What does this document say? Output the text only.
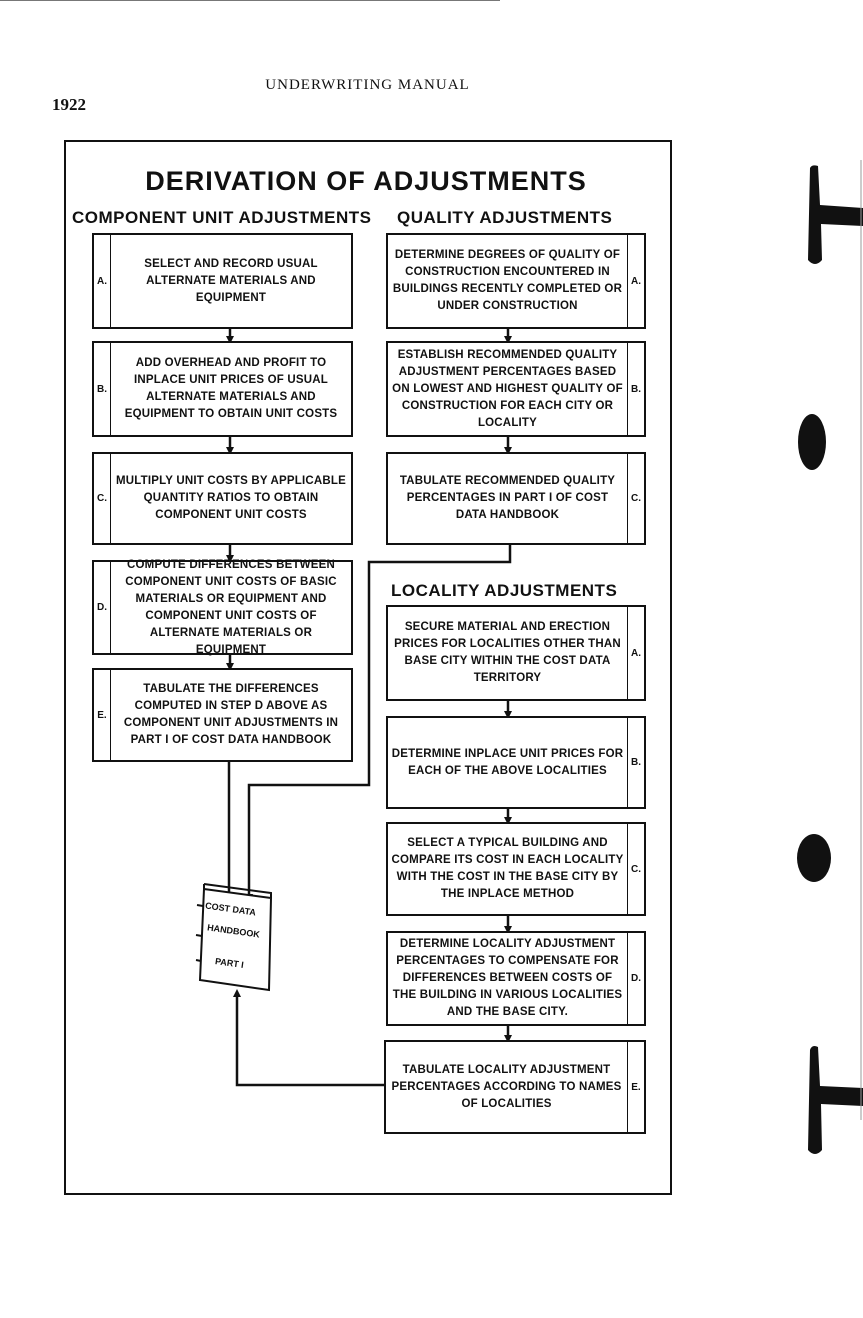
UNDERWRITING MANUAL
1922
DERIVATION OF ADJUSTMENTS
COMPONENT UNIT ADJUSTMENTS QUALITY ADJUSTMENTS
LOCALITY ADJUSTMENTS
COST DATA
HANDBOOK
PART I
A.
SELECT AND RECORD USUAL ALTERNATE MATERIALS AND EQUIPMENT
B.
ADD OVERHEAD AND PROFIT TO INPLACE UNIT PRICES OF USUAL ALTERNATE MATERIALS AND EQUIPMENT TO OBTAIN UNIT COSTS
C.
MULTIPLY UNIT COSTS BY APPLICABLE QUANTITY RATIOS TO OBTAIN COMPONENT UNIT COSTS
D.
COMPUTE DIFFERENCES BETWEEN COMPONENT UNIT COSTS OF BASIC MATERIALS OR EQUIPMENT AND COMPONENT UNIT COSTS OF ALTERNATE MATERIALS OR EQUIPMENT
E.
TABULATE THE DIFFERENCES COMPUTED IN STEP D ABOVE AS COMPONENT UNIT ADJUSTMENTS IN PART I OF COST DATA HANDBOOK
DETERMINE DEGREES OF QUALITY OF CONSTRUCTION ENCOUNTERED IN BUILDINGS RECENTLY COMPLETED OR UNDER CONSTRUCTION
A.
ESTABLISH RECOMMENDED QUALITY ADJUSTMENT PERCENTAGES BASED ON LOWEST AND HIGHEST QUALITY OF CONSTRUCTION FOR EACH CITY OR LOCALITY
B.
TABULATE RECOMMENDED QUALITY PERCENTAGES IN PART I OF COST DATA HANDBOOK
C.
SECURE MATERIAL AND ERECTION PRICES FOR LOCALITIES OTHER THAN BASE CITY WITHIN THE COST DATA TERRITORY
A.
DETERMINE INPLACE UNIT PRICES FOR EACH OF THE ABOVE LOCALITIES
B.
SELECT A TYPICAL BUILDING AND COMPARE ITS COST IN EACH LOCALITY WITH THE COST IN THE BASE CITY BY THE INPLACE METHOD
C.
DETERMINE LOCALITY ADJUSTMENT PERCENTAGES TO COMPENSATE FOR DIFFERENCES BETWEEN COSTS OF THE BUILDING IN VARIOUS LOCALITIES AND THE BASE CITY.
D.
TABULATE LOCALITY ADJUSTMENT PERCENTAGES ACCORDING TO NAMES OF LOCALITIES
E.
